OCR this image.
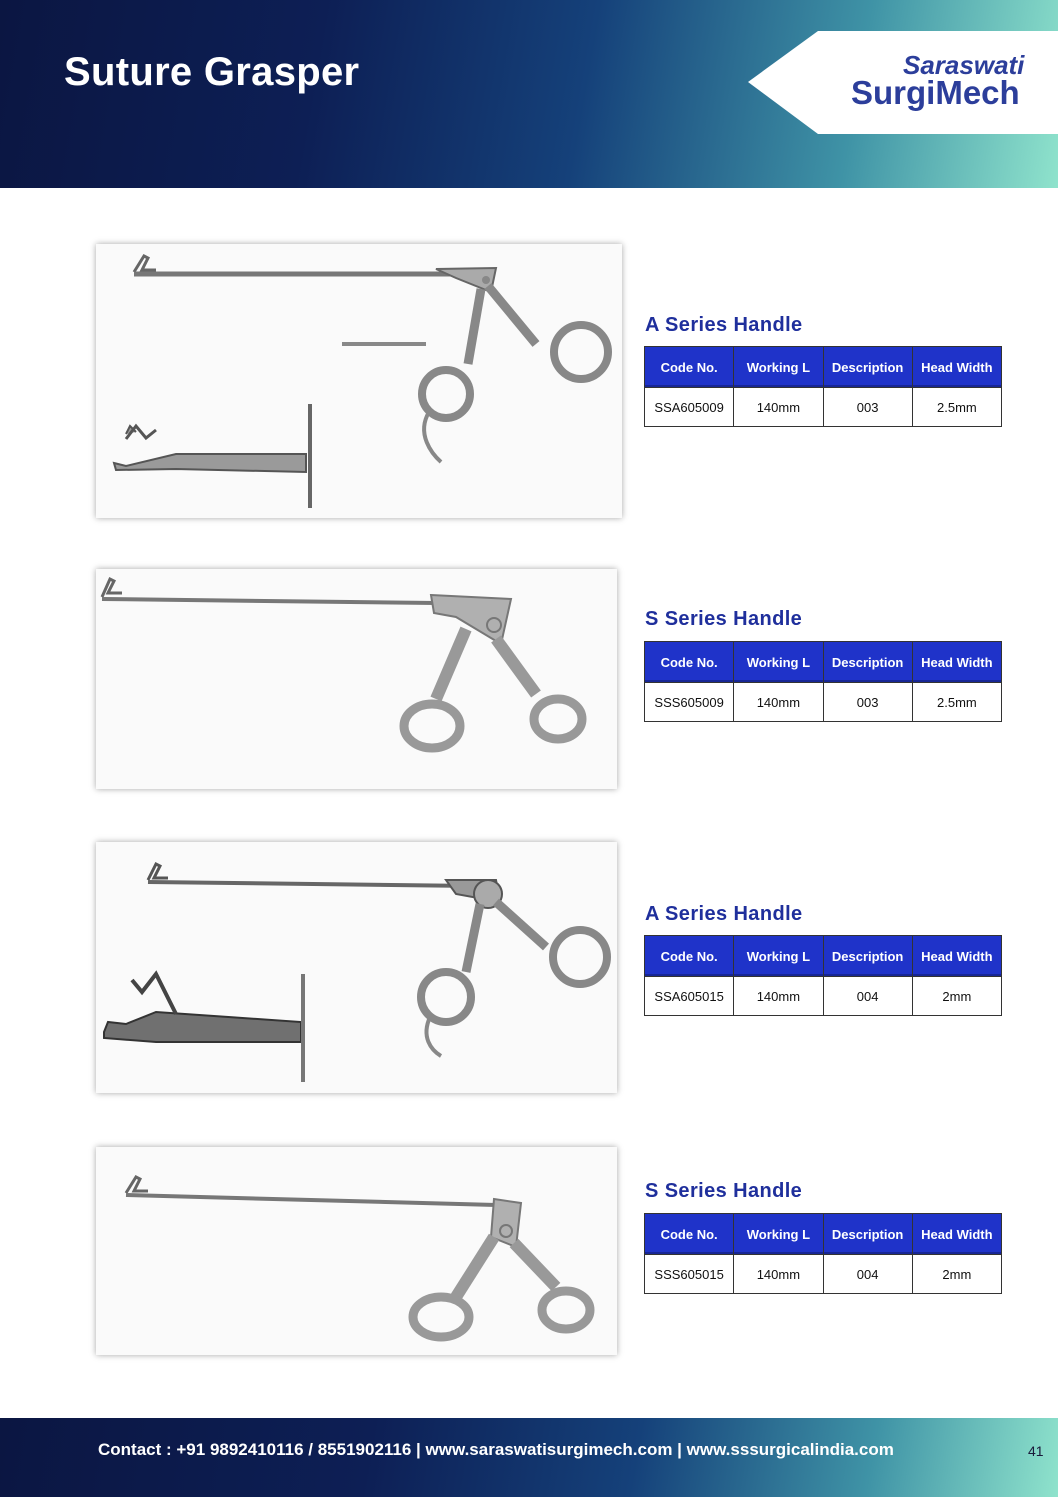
Suture Grasper	Saraswati
SurgiMech
A Series Handle
Code No.	Working L	Description	Head Width
SSA605009	140mm	003	2.5mm
S Series Handle
Code No.	Working L	Description	Head Width
SSS605009	140mm	003	2.5mm
A Series Handle
Code No.	Working L	Description	Head Width
SSA605015	140mm	004	2mm
S Series Handle
Code No.	Working L	Description	Head Width
SSS605015	140mm	004	2mm
Contact : +91 9892410116 / 8551902116 | www.saraswatisurgimech.com | www.sssurgicalindia.com	41
